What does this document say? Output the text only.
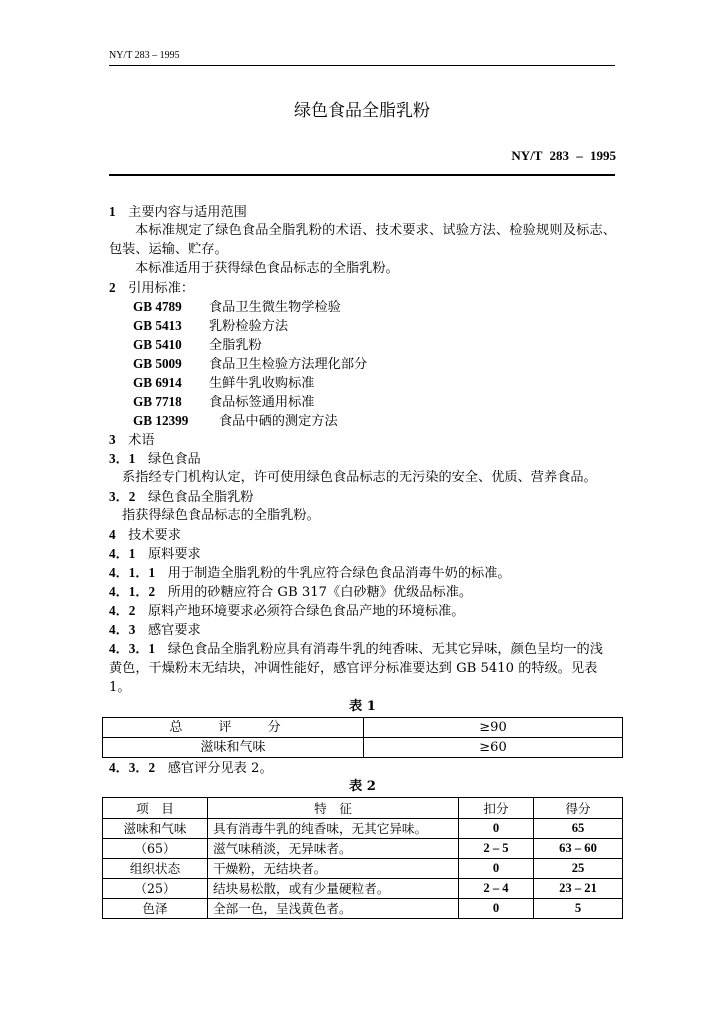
NY/T 283 – 1995
绿色食品全脂乳粉
NY/T 283 – 1995
1 主要内容与适用范围
本标准规定了绿色食品全脂乳粉的术语、技术要求、试验方法、检验规则及标志、包装、运输、贮存。
本标准适用于获得绿色食品标志的全脂乳粉。
2 引用标准：
GB 4789 食品卫生微生物学检验
GB 5413 乳粉检验方法
GB 5410 全脂乳粉
GB 5009 食品卫生检验方法理化部分
GB 6914 生鲜牛乳收购标准
GB 7718 食品标签通用标准
GB 12399 食品中硒的测定方法
3 术语
3．1 绿色食品
系指经专门机构认定，许可使用绿色食品标志的无污染的安全、优质、营养食品。
3．2 绿色食品全脂乳粉
指获得绿色食品标志的全脂乳粉。
4 技术要求
4．1 原料要求
4．1．1 用于制造全脂乳粉的牛乳应符合绿色食品消毒牛奶的标准。
4．1．2 所用的砂糖应符合 GB 317《白砂糖》优级品标准。
4．2 原料产地环境要求必须符合绿色食品产地的环境标准。
4．3 感官要求
4．3．1 绿色食品全脂乳粉应具有消毒牛乳的纯香味、无其它异味，颜色呈均一的浅黄色，干燥粉末无结块，冲调性能好，感官评分标准要达到 GB 5410 的特级。见表 1。
表 1
总 评 分	≥90
滋味和气味	≥60
4．3．2 感官评分见表 2。
表 2
项　目	特　征	扣分	得分
滋味和气味	具有消毒牛乳的纯香味，无其它异味。	0	65
（65）	滋气味稍淡，无异味者。	2 – 5	63 – 60
组织状态	干燥粉，无结块者。	0	25
（25）	结块易松散，或有少量硬粒者。	2 – 4	23 – 21
色泽	全部一色，呈浅黄色者。	0	5
